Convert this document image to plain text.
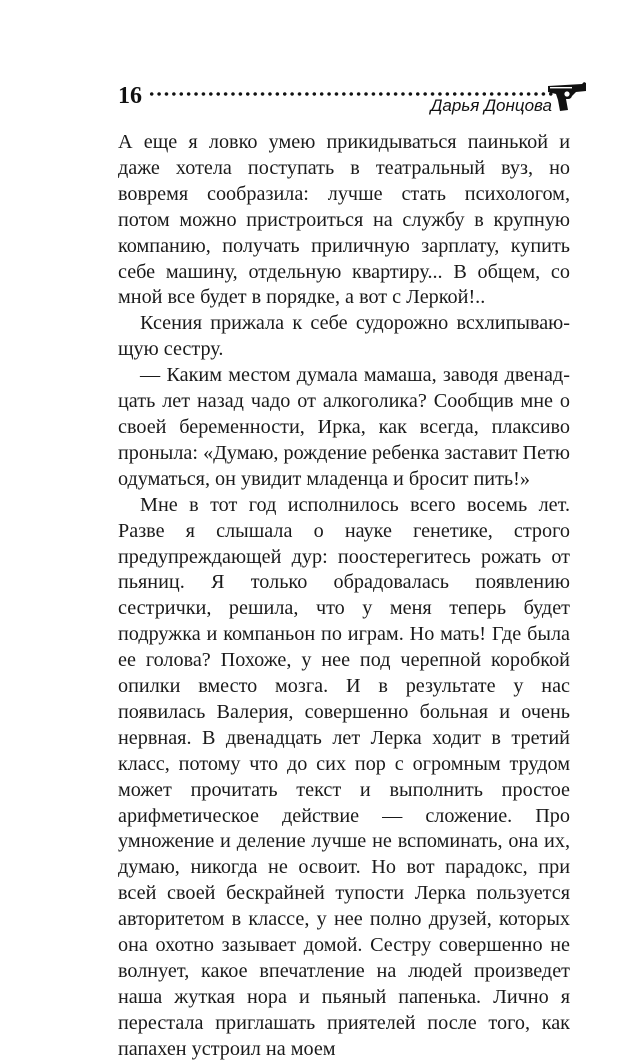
16	Дарья Донцова

А еще я ловко умею прикидываться паинькой и даже хотела поступать в театральный вуз, но вовремя сообразила: лучше стать психологом, потом можно пристроиться на службу в крупную компанию, получать приличную зарплату, купить себе машину, отдельную квартиру... В общем, со мной все будет в порядке, а вот с Леркой!..

Ксения прижала к себе судорожно всхлипывающую сестру.

— Каким местом думала мамаша, заводя двенадцать лет назад чадо от алкоголика? Сообщив мне о своей беременности, Ирка, как всегда, плаксиво проныла: «Думаю, рождение ребенка заставит Петю одуматься, он увидит младенца и бросит пить!»

Мне в тот год исполнилось всего восемь лет. Разве я слышала о науке генетике, строго предупреждающей дур: поостерегитесь рожать от пьяниц. Я только обрадовалась появлению сестрички, решила, что у меня теперь будет подружка и компаньон по играм. Но мать! Где была ее голова? Похоже, у нее под черепной коробкой опилки вместо мозга. И в результате у нас появилась Валерия, совершенно больная и очень нервная. В двенадцать лет Лерка ходит в третий класс, потому что до сих пор с огромным трудом может прочитать текст и выполнить простое арифметическое действие — сложение. Про умножение и деление лучше не вспоминать, она их, думаю, никогда не освоит. Но вот парадокс, при всей своей бескрайней тупости Лерка пользуется авторитетом в классе, у нее полно друзей, которых она охотно зазывает домой. Сестру совершенно не волнует, какое впечатление на людей произведет наша жуткая нора и пьяный папенька. Лично я перестала приглашать приятелей после того, как папахен устроил на моем
